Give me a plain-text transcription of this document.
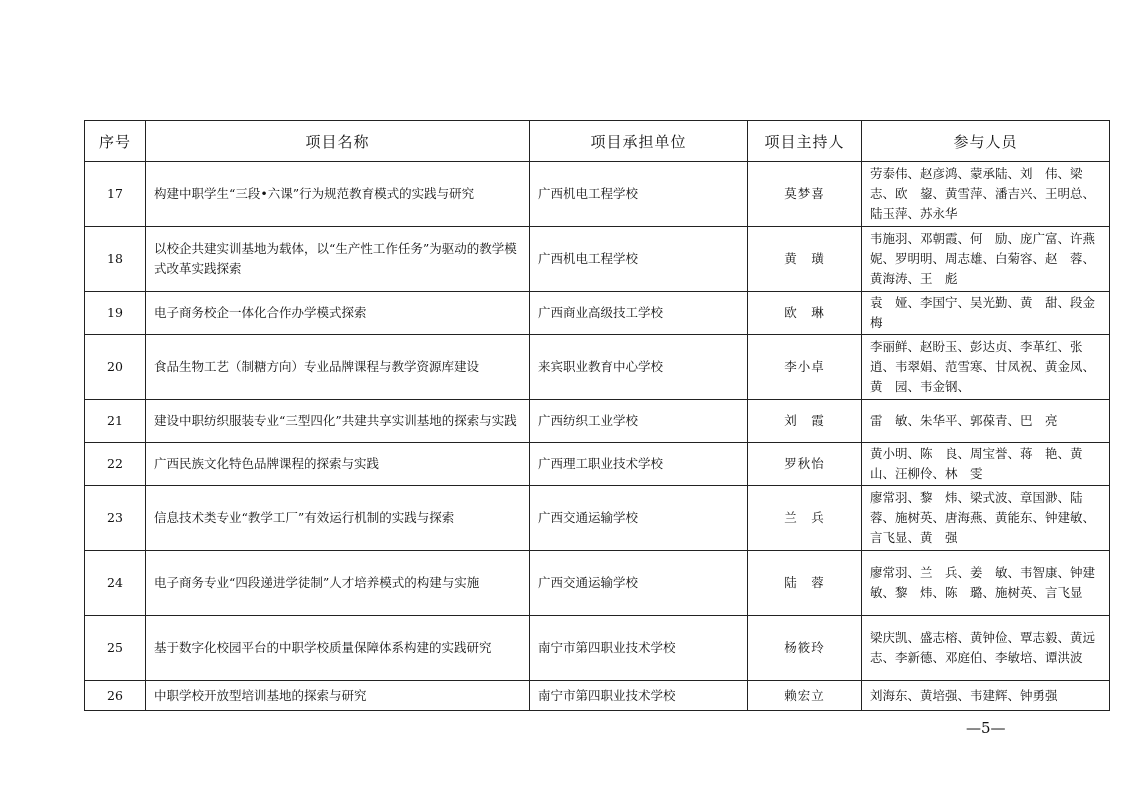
序号	项目名称	项目承担单位	项目主持人	参与人员
17	构建中职学生“三段•六课”行为规范教育模式的实践与研究	广西机电工程学校	莫梦喜	劳泰伟、赵彦鸿、蒙承陆、刘　伟、梁　志、欧　鋆、黄雪萍、潘吉兴、王明总、陆玉萍、苏永华
18	以校企共建实训基地为载体，以“生产性工作任务”为驱动的教学模式改革实践探索	广西机电工程学校	黄　璜	韦施羽、邓朝霞、何　励、庞广富、许燕妮、罗明明、周志雄、白菊容、赵　蓉、黄海涛、王　彪
19	电子商务校企一体化合作办学模式探索	广西商业高级技工学校	欧　琳	袁　娅、李国宁、吴光勤、黄　甜、段金梅
20	食品生物工艺（制糖方向）专业品牌课程与教学资源库建设	来宾职业教育中心学校	李小卓	李丽鲜、赵盼玉、彭达贞、李革红、张　逍、韦翠娟、范雪寒、甘凤祝、黄金凤、黄　园、韦金钢、
21	建设中职纺织服装专业“三型四化”共建共享实训基地的探索与实践	广西纺织工业学校	刘　霞	雷　敏、朱华平、郭葆青、巴　亮
22	广西民族文化特色品牌课程的探索与实践	广西理工职业技术学校	罗秋怡	黄小明、陈　良、周宝誉、蒋　艳、黄　山、汪柳伶、林　雯
23	信息技术类专业“教学工厂”有效运行机制的实践与探索	广西交通运输学校	兰　兵	廖常羽、黎　炜、梁式波、章国渺、陆　蓉、施树英、唐海燕、黄能东、钟建敏、言飞显、黄　强
24	电子商务专业“四段递进学徒制”人才培养模式的构建与实施	广西交通运输学校	陆　蓉	廖常羽、兰　兵、姜　敏、韦智康、钟建敏、黎　炜、陈　璐、施树英、言飞显
25	基于数字化校园平台的中职学校质量保障体系构建的实践研究	南宁市第四职业技术学校	杨筱玲	梁庆凯、盛志榕、黄钟俭、覃志毅、黄远志、李新德、邓庭伯、李敏培、谭洪波
26	中职学校开放型培训基地的探索与研究	南宁市第四职业技术学校	赖宏立	刘海东、黄培强、韦建辉、钟勇强
—5—
